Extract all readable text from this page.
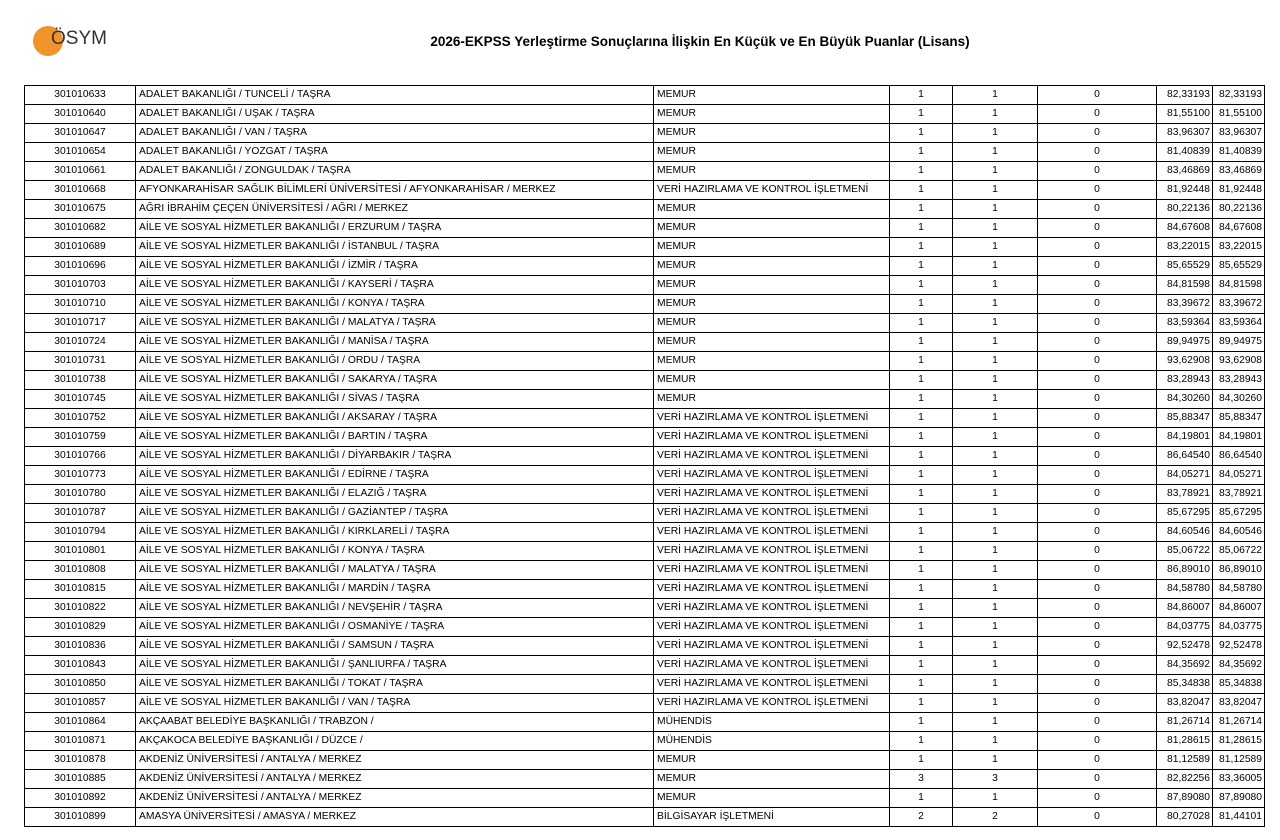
ÖSYM	2026-EKPSS Yerleştirme Sonuçlarına İlişkin En Küçük ve En Büyük Puanlar (Lisans)
301010633	ADALET BAKANLIĞI / TUNCELİ / TAŞRA	MEMUR	1	1	0	82,33193	82,33193
301010640	ADALET BAKANLIĞI / UŞAK / TAŞRA	MEMUR	1	1	0	81,55100	81,55100
301010647	ADALET BAKANLIĞI / VAN / TAŞRA	MEMUR	1	1	0	83,96307	83,96307
301010654	ADALET BAKANLIĞI / YOZGAT / TAŞRA	MEMUR	1	1	0	81,40839	81,40839
301010661	ADALET BAKANLIĞI / ZONGULDAK / TAŞRA	MEMUR	1	1	0	83,46869	83,46869
301010668	AFYONKARAHİSAR SAĞLIK BİLİMLERİ ÜNİVERSİTESİ / AFYONKARAHİSAR / MERKEZ	VERİ HAZIRLAMA VE KONTROL İŞLETMENİ	1	1	0	81,92448	81,92448
301010675	AĞRI İBRAHİM ÇEÇEN ÜNİVERSİTESİ / AĞRI / MERKEZ	MEMUR	1	1	0	80,22136	80,22136
301010682	AİLE VE SOSYAL HİZMETLER BAKANLIĞI / ERZURUM / TAŞRA	MEMUR	1	1	0	84,67608	84,67608
301010689	AİLE VE SOSYAL HİZMETLER BAKANLIĞI / İSTANBUL / TAŞRA	MEMUR	1	1	0	83,22015	83,22015
301010696	AİLE VE SOSYAL HİZMETLER BAKANLIĞI / İZMİR / TAŞRA	MEMUR	1	1	0	85,65529	85,65529
301010703	AİLE VE SOSYAL HİZMETLER BAKANLIĞI / KAYSERİ / TAŞRA	MEMUR	1	1	0	84,81598	84,81598
301010710	AİLE VE SOSYAL HİZMETLER BAKANLIĞI / KONYA / TAŞRA	MEMUR	1	1	0	83,39672	83,39672
301010717	AİLE VE SOSYAL HİZMETLER BAKANLIĞI / MALATYA / TAŞRA	MEMUR	1	1	0	83,59364	83,59364
301010724	AİLE VE SOSYAL HİZMETLER BAKANLIĞI / MANİSA / TAŞRA	MEMUR	1	1	0	89,94975	89,94975
301010731	AİLE VE SOSYAL HİZMETLER BAKANLIĞI / ORDU / TAŞRA	MEMUR	1	1	0	93,62908	93,62908
301010738	AİLE VE SOSYAL HİZMETLER BAKANLIĞI / SAKARYA / TAŞRA	MEMUR	1	1	0	83,28943	83,28943
301010745	AİLE VE SOSYAL HİZMETLER BAKANLIĞI / SİVAS / TAŞRA	MEMUR	1	1	0	84,30260	84,30260
301010752	AİLE VE SOSYAL HİZMETLER BAKANLIĞI / AKSARAY / TAŞRA	VERİ HAZIRLAMA VE KONTROL İŞLETMENİ	1	1	0	85,88347	85,88347
301010759	AİLE VE SOSYAL HİZMETLER BAKANLIĞI / BARTIN / TAŞRA	VERİ HAZIRLAMA VE KONTROL İŞLETMENİ	1	1	0	84,19801	84,19801
301010766	AİLE VE SOSYAL HİZMETLER BAKANLIĞI / DİYARBAKIR / TAŞRA	VERİ HAZIRLAMA VE KONTROL İŞLETMENİ	1	1	0	86,64540	86,64540
301010773	AİLE VE SOSYAL HİZMETLER BAKANLIĞI / EDİRNE / TAŞRA	VERİ HAZIRLAMA VE KONTROL İŞLETMENİ	1	1	0	84,05271	84,05271
301010780	AİLE VE SOSYAL HİZMETLER BAKANLIĞI / ELAZIĞ / TAŞRA	VERİ HAZIRLAMA VE KONTROL İŞLETMENİ	1	1	0	83,78921	83,78921
301010787	AİLE VE SOSYAL HİZMETLER BAKANLIĞI / GAZİANTEP / TAŞRA	VERİ HAZIRLAMA VE KONTROL İŞLETMENİ	1	1	0	85,67295	85,67295
301010794	AİLE VE SOSYAL HİZMETLER BAKANLIĞI / KIRKLARELİ / TAŞRA	VERİ HAZIRLAMA VE KONTROL İŞLETMENİ	1	1	0	84,60546	84,60546
301010801	AİLE VE SOSYAL HİZMETLER BAKANLIĞI / KONYA / TAŞRA	VERİ HAZIRLAMA VE KONTROL İŞLETMENİ	1	1	0	85,06722	85,06722
301010808	AİLE VE SOSYAL HİZMETLER BAKANLIĞI / MALATYA / TAŞRA	VERİ HAZIRLAMA VE KONTROL İŞLETMENİ	1	1	0	86,89010	86,89010
301010815	AİLE VE SOSYAL HİZMETLER BAKANLIĞI / MARDİN / TAŞRA	VERİ HAZIRLAMA VE KONTROL İŞLETMENİ	1	1	0	84,58780	84,58780
301010822	AİLE VE SOSYAL HİZMETLER BAKANLIĞI / NEVŞEHİR / TAŞRA	VERİ HAZIRLAMA VE KONTROL İŞLETMENİ	1	1	0	84,86007	84,86007
301010829	AİLE VE SOSYAL HİZMETLER BAKANLIĞI / OSMANİYE / TAŞRA	VERİ HAZIRLAMA VE KONTROL İŞLETMENİ	1	1	0	84,03775	84,03775
301010836	AİLE VE SOSYAL HİZMETLER BAKANLIĞI / SAMSUN / TAŞRA	VERİ HAZIRLAMA VE KONTROL İŞLETMENİ	1	1	0	92,52478	92,52478
301010843	AİLE VE SOSYAL HİZMETLER BAKANLIĞI / ŞANLIURFA / TAŞRA	VERİ HAZIRLAMA VE KONTROL İŞLETMENİ	1	1	0	84,35692	84,35692
301010850	AİLE VE SOSYAL HİZMETLER BAKANLIĞI / TOKAT / TAŞRA	VERİ HAZIRLAMA VE KONTROL İŞLETMENİ	1	1	0	85,34838	85,34838
301010857	AİLE VE SOSYAL HİZMETLER BAKANLIĞI / VAN / TAŞRA	VERİ HAZIRLAMA VE KONTROL İŞLETMENİ	1	1	0	83,82047	83,82047
301010864	AKÇAABAT BELEDİYE BAŞKANLIĞI / TRABZON /	MÜHENDİS	1	1	0	81,26714	81,26714
301010871	AKÇAKOCA BELEDİYE BAŞKANLIĞI / DÜZCE /	MÜHENDİS	1	1	0	81,28615	81,28615
301010878	AKDENİZ ÜNİVERSİTESİ / ANTALYA / MERKEZ	MEMUR	1	1	0	81,12589	81,12589
301010885	AKDENİZ ÜNİVERSİTESİ / ANTALYA / MERKEZ	MEMUR	3	3	0	82,82256	83,36005
301010892	AKDENİZ ÜNİVERSİTESİ / ANTALYA / MERKEZ	MEMUR	1	1	0	87,89080	87,89080
301010899	AMASYA ÜNİVERSİTESİ / AMASYA / MERKEZ	BİLGİSAYAR İŞLETMENİ	2	2	0	80,27028	81,44101
